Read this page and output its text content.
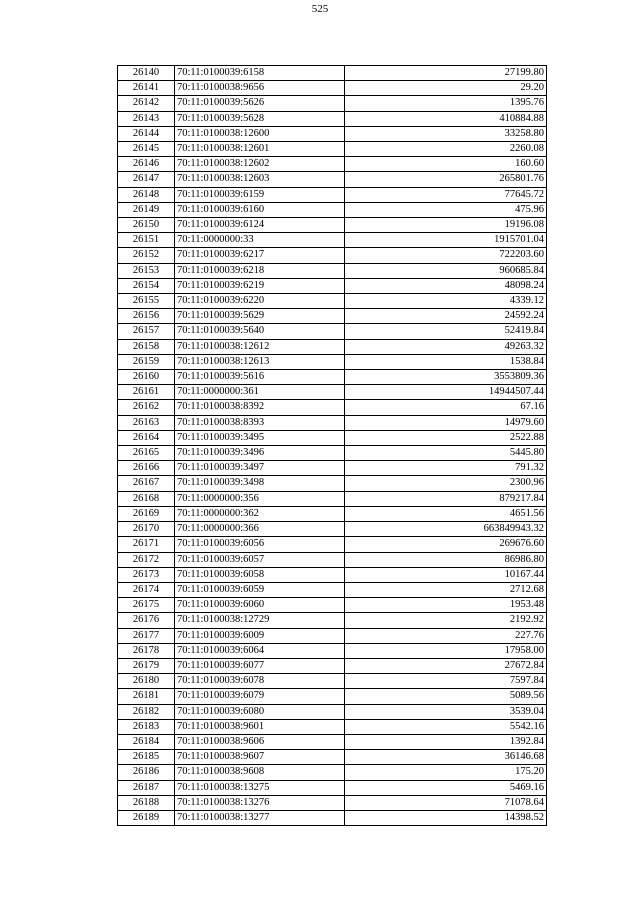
525
26140	70:11:0100039:6158	27199.80
26141	70:11:0100038:9656	29.20
26142	70:11:0100039:5626	1395.76
26143	70:11:0100039:5628	410884.88
26144	70:11:0100038:12600	33258.80
26145	70:11:0100038:12601	2260.08
26146	70:11:0100038:12602	160.60
26147	70:11:0100038:12603	265801.76
26148	70:11:0100039:6159	77645.72
26149	70:11:0100039:6160	475.96
26150	70:11:0100039:6124	19196.08
26151	70:11:0000000:33	1915701.04
26152	70:11:0100039:6217	722203.60
26153	70:11:0100039:6218	960685.84
26154	70:11:0100039:6219	48098.24
26155	70:11:0100039:6220	4339.12
26156	70:11:0100039:5629	24592.24
26157	70:11:0100039:5640	52419.84
26158	70:11:0100038:12612	49263.32
26159	70:11:0100038:12613	1538.84
26160	70:11:0100039:5616	3553809.36
26161	70:11:0000000:361	14944507.44
26162	70:11:0100038:8392	67.16
26163	70:11:0100038:8393	14979.60
26164	70:11:0100039:3495	2522.88
26165	70:11:0100039:3496	5445.80
26166	70:11:0100039:3497	791.32
26167	70:11:0100039:3498	2300.96
26168	70:11:0000000:356	879217.84
26169	70:11:0000000:362	4651.56
26170	70:11:0000000:366	663849943.32
26171	70:11:0100039:6056	269676.60
26172	70:11:0100039:6057	86986.80
26173	70:11:0100039:6058	10167.44
26174	70:11:0100039:6059	2712.68
26175	70:11:0100039:6060	1953.48
26176	70:11:0100038:12729	2192.92
26177	70:11:0100039:6009	227.76
26178	70:11:0100039:6064	17958.00
26179	70:11:0100039:6077	27672.84
26180	70:11:0100039:6078	7597.84
26181	70:11:0100039:6079	5089.56
26182	70:11:0100039:6080	3539.04
26183	70:11:0100038:9601	5542.16
26184	70:11:0100038:9606	1392.84
26185	70:11:0100038:9607	36146.68
26186	70:11:0100038:9608	175.20
26187	70:11:0100038:13275	5469.16
26188	70:11:0100038:13276	71078.64
26189	70:11:0100038:13277	14398.52
